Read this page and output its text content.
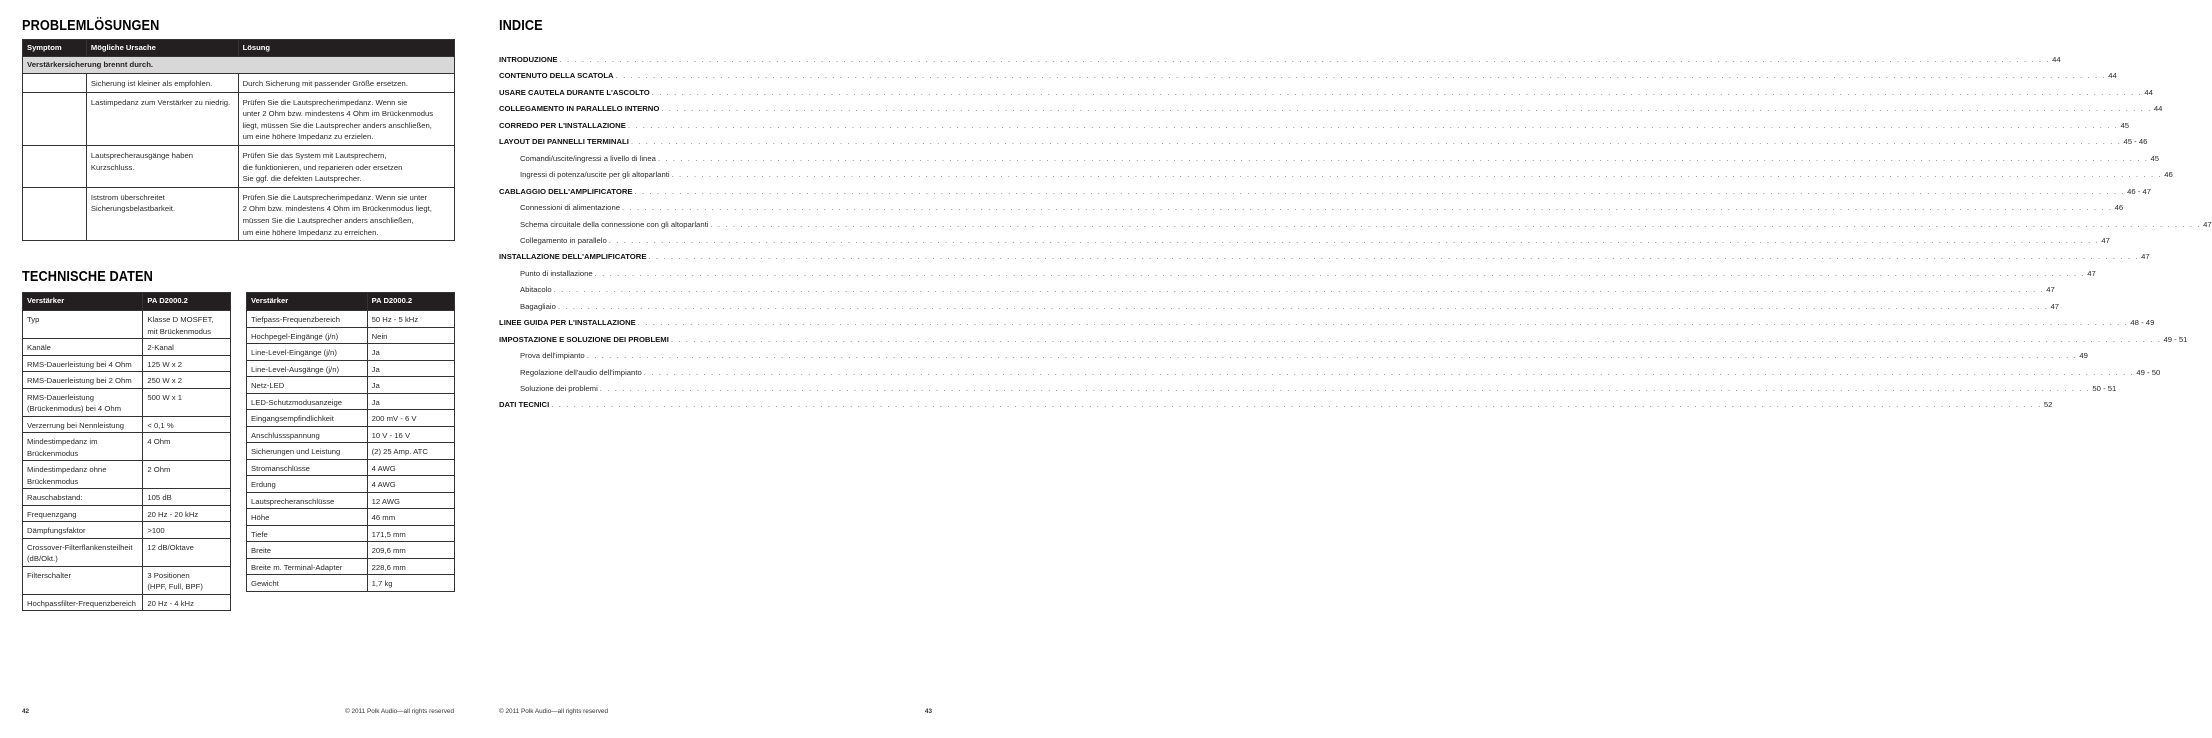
PROBLEMLÖSUNGEN
Symptom	Mögliche Ursache	Lösung
Verstärkersicherung brennt durch.		
	Sicherung ist kleiner als empfohlen.	Durch Sicherung mit passender Größe ersetzen.
	Lastimpedanz zum Verstärker zu niedrig.	Prüfen Sie die Lautsprecherimpedanz. Wenn sie
unter 2 Ohm bzw. mindestens 4 Ohm im Brückenmodus
liegt, müssen Sie die Lautsprecher anders anschließen,
um eine höhere Impedanz zu erzielen.
	Lautsprecherausgänge haben
Kurzschluss.	Prüfen Sie das System mit Lautsprechern,
die funktionieren, und reparieren oder ersetzen
Sie ggf. die defekten Lautsprecher.
	Iststrom überschreitet
Sicherungsbelastbarkeit.	Prüfen Sie die Lautsprecherimpedanz. Wenn sie unter
2 Ohm bzw. mindestens 4 Ohm im Brückenmodus liegt,
müssen Sie die Lautsprecher anders anschließen,
um eine höhere Impedanz zu erreichen.
TECHNISCHE DATEN
Verstärker	PA D2000.2
Typ	Klasse D MOSFET,
mit Brückenmodus
Kanäle	2-Kanal
RMS-Dauerleistung bei 4 Ohm	125 W x 2
RMS-Dauerleistung bei 2 Ohm	250 W x 2
RMS-Dauerleistung
(Brückenmodus) bei 4 Ohm	500 W x 1
Verzerrung bei Nennleistung	< 0,1 %
Mindestimpedanz im
Brückenmodus	4 Ohm
Mindestimpedanz ohne
Brückenmodus	2 Ohm
Rauschabstand:	105 dB
Frequenzgang	20 Hz - 20 kHz
Dämpfungsfaktor	>100
Crossover-Filterflankensteilheit
(dB/Okt.)	12 dB/Oktave
Filterschalter	3 Positionen
(HPF, Full, BPF)
Hochpassfilter-Frequenzbereich	20 Hz - 4 kHz
Verstärker	PA D2000.2
Tiefpass-Frequenzbereich	50 Hz - 5 kHz
Hochpegel-Eingänge (j/n)	Nein
Line-Level-Eingänge (j/n)	Ja
Line-Level-Ausgänge (j/n)	Ja
Netz-LED	Ja
LED-Schutzmodusanzeige	Ja
Eingangsempfindlichkeit	200 mV - 6 V
Anschlussspannung	10 V - 16 V
Sicherungen und Leistung	(2) 25 Amp. ATC
Stromanschlüsse	4 AWG
Erdung	4 AWG
Lautsprecheranschlüsse	12 AWG
Höhe	46 mm
Tiefe	171,5 mm
Breite	209,6 mm
Breite m. Terminal-Adapter	228,6 mm
Gewicht	1,7 kg
INDICE
INTRODUZIONE . . . . . . . . . . . . . . . . . . . . . . . . . . . . . . . . . . . . . . . . . . . . . . . . . . . . . . . . . . . . . . . . . . . . . . . . . . . . . . . . . . . . . . . . . . . . . . . . . . . . . . . . . . . . . . . . . . . . . . . . . . . . . . . . . . . . . . . . . . . . . . . . . . . . . . . . . . . . . . . . . . . . . . . . . . . . . . . . . . . . . . . . . . . . . . . . . . . . . . . . 44
CONTENUTO DELLA SCATOLA . . . . . . . . . . . . . . . . . . . . . . . . . . . . . . . . . . . . . . . . . . . . . . . . . . . . . . . . . . . . . . . . . . . . . . . . . . . . . . . . . . . . . . . . . . . . . . . . . . . . . . . . . . . . . . . . . . . . . . . . . . . . . . . . . . . . . . . . . . . . . . . . . . . . . . . . . . . . . . . . . . . . . . . . . . . . . . . . . . . . . . . . . . . . . . . . . . . . . . . . 44
USARE CAUTELA DURANTE L'ASCOLTO . . . . . . . . . . . . . . . . . . . . . . . . . . . . . . . . . . . . . . . . . . . . . . . . . . . . . . . . . . . . . . . . . . . . . . . . . . . . . . . . . . . . . . . . . . . . . . . . . . . . . . . . . . . . . . . . . . . . . . . . . . . . . . . . . . . . . . . . . . . . . . . . . . . . . . . . . . . . . . . . . . . . . . . . . . . . . . . . . . . . . . . . . . . . . . . . . . . . . . . . 44
COLLEGAMENTO IN PARALLELO INTERNO . . . . . . . . . . . . . . . . . . . . . . . . . . . . . . . . . . . . . . . . . . . . . . . . . . . . . . . . . . . . . . . . . . . . . . . . . . . . . . . . . . . . . . . . . . . . . . . . . . . . . . . . . . . . . . . . . . . . . . . . . . . . . . . . . . . . . . . . . . . . . . . . . . . . . . . . . . . . . . . . . . . . . . . . . . . . . . . . . . . . . . . . . . . . . . . . . . . . . . . . 44
CORREDO PER L'INSTALLAZIONE . . . . . . . . . . . . . . . . . . . . . . . . . . . . . . . . . . . . . . . . . . . . . . . . . . . . . . . . . . . . . . . . . . . . . . . . . . . . . . . . . . . . . . . . . . . . . . . . . . . . . . . . . . . . . . . . . . . . . . . . . . . . . . . . . . . . . . . . . . . . . . . . . . . . . . . . . . . . . . . . . . . . . . . . . . . . . . . . . . . . . . . . . . . . . . . . . . . . . . . . 45
LAYOUT DEI PANNELLI TERMINALI . . . . . . . . . . . . . . . . . . . . . . . . . . . . . . . . . . . . . . . . . . . . . . . . . . . . . . . . . . . . . . . . . . . . . . . . . . . . . . . . . . . . . . . . . . . . . . . . . . . . . . . . . . . . . . . . . . . . . . . . . . . . . . . . . . . . . . . . . . . . . . . . . . . . . . . . . . . . . . . . . . . . . . . . . . . . . . . . . . . . . . . . . . . . . . . . . . . . . . . . 45 - 46
Comandi/uscite/ingressi a livello di linea . . . . . . . . . . . . . . . . . . . . . . . . . . . . . . . . . . . . . . . . . . . . . . . . . . . . . . . . . . . . . . . . . . . . . . . . . . . . . . . . . . . . . . . . . . . . . . . . . . . . . . . . . . . . . . . . . . . . . . . . . . . . . . . . . . . . . . . . . . . . . . . . . . . . . . . . . . . . . . . . . . . . . . . . . . . . . . . . . . . . . . . . . . . . . . . . . . . . . . . . 45
Ingressi di potenza/uscite per gli altoparlanti . . . . . . . . . . . . . . . . . . . . . . . . . . . . . . . . . . . . . . . . . . . . . . . . . . . . . . . . . . . . . . . . . . . . . . . . . . . . . . . . . . . . . . . . . . . . . . . . . . . . . . . . . . . . . . . . . . . . . . . . . . . . . . . . . . . . . . . . . . . . . . . . . . . . . . . . . . . . . . . . . . . . . . . . . . . . . . . . . . . . . . . . . . . . . . . . . . . . . . . . 46
CABLAGGIO DELL'AMPLIFICATORE . . . . . . . . . . . . . . . . . . . . . . . . . . . . . . . . . . . . . . . . . . . . . . . . . . . . . . . . . . . . . . . . . . . . . . . . . . . . . . . . . . . . . . . . . . . . . . . . . . . . . . . . . . . . . . . . . . . . . . . . . . . . . . . . . . . . . . . . . . . . . . . . . . . . . . . . . . . . . . . . . . . . . . . . . . . . . . . . . . . . . . . . . . . . . . . . . . . . . . . . 46 - 47
Connessioni di alimentazione . . . . . . . . . . . . . . . . . . . . . . . . . . . . . . . . . . . . . . . . . . . . . . . . . . . . . . . . . . . . . . . . . . . . . . . . . . . . . . . . . . . . . . . . . . . . . . . . . . . . . . . . . . . . . . . . . . . . . . . . . . . . . . . . . . . . . . . . . . . . . . . . . . . . . . . . . . . . . . . . . . . . . . . . . . . . . . . . . . . . . . . . . . . . . . . . . . . . . . . . 46
Schema circuitale della connessione con gli altoparlanti . . . . . . . . . . . . . . . . . . . . . . . . . . . . . . . . . . . . . . . . . . . . . . . . . . . . . . . . . . . . . . . . . . . . . . . . . . . . . . . . . . . . . . . . . . . . . . . . . . . . . . . . . . . . . . . . . . . . . . . . . . . . . . . . . . . . . . . . . . . . . . . . . . . . . . . . . . . . . . . . . . . . . . . . . . . . . . . . . . . . . . . . . . . . . . . . . . . . . . . . 47
Collegamento in parallelo . . . . . . . . . . . . . . . . . . . . . . . . . . . . . . . . . . . . . . . . . . . . . . . . . . . . . . . . . . . . . . . . . . . . . . . . . . . . . . . . . . . . . . . . . . . . . . . . . . . . . . . . . . . . . . . . . . . . . . . . . . . . . . . . . . . . . . . . . . . . . . . . . . . . . . . . . . . . . . . . . . . . . . . . . . . . . . . . . . . . . . . . . . . . . . . . . . . . . . . . 47
INSTALLAZIONE DELL'AMPLIFICATORE . . . . . . . . . . . . . . . . . . . . . . . . . . . . . . . . . . . . . . . . . . . . . . . . . . . . . . . . . . . . . . . . . . . . . . . . . . . . . . . . . . . . . . . . . . . . . . . . . . . . . . . . . . . . . . . . . . . . . . . . . . . . . . . . . . . . . . . . . . . . . . . . . . . . . . . . . . . . . . . . . . . . . . . . . . . . . . . . . . . . . . . . . . . . . . . . . . . . . . . . 47
Punto di installazione . . . . . . . . . . . . . . . . . . . . . . . . . . . . . . . . . . . . . . . . . . . . . . . . . . . . . . . . . . . . . . . . . . . . . . . . . . . . . . . . . . . . . . . . . . . . . . . . . . . . . . . . . . . . . . . . . . . . . . . . . . . . . . . . . . . . . . . . . . . . . . . . . . . . . . . . . . . . . . . . . . . . . . . . . . . . . . . . . . . . . . . . . . . . . . . . . . . . . . . . 47
Abitacolo . . . . . . . . . . . . . . . . . . . . . . . . . . . . . . . . . . . . . . . . . . . . . . . . . . . . . . . . . . . . . . . . . . . . . . . . . . . . . . . . . . . . . . . . . . . . . . . . . . . . . . . . . . . . . . . . . . . . . . . . . . . . . . . . . . . . . . . . . . . . . . . . . . . . . . . . . . . . . . . . . . . . . . . . . . . . . . . . . . . . . . . . . . . . . . . . . . . . . . . . 47
Bagagliaio . . . . . . . . . . . . . . . . . . . . . . . . . . . . . . . . . . . . . . . . . . . . . . . . . . . . . . . . . . . . . . . . . . . . . . . . . . . . . . . . . . . . . . . . . . . . . . . . . . . . . . . . . . . . . . . . . . . . . . . . . . . . . . . . . . . . . . . . . . . . . . . . . . . . . . . . . . . . . . . . . . . . . . . . . . . . . . . . . . . . . . . . . . . . . . . . . . . . . . . . 47
LINEE GUIDA PER L'INSTALLAZIONE . . . . . . . . . . . . . . . . . . . . . . . . . . . . . . . . . . . . . . . . . . . . . . . . . . . . . . . . . . . . . . . . . . . . . . . . . . . . . . . . . . . . . . . . . . . . . . . . . . . . . . . . . . . . . . . . . . . . . . . . . . . . . . . . . . . . . . . . . . . . . . . . . . . . . . . . . . . . . . . . . . . . . . . . . . . . . . . . . . . . . . . . . . . . . . . . . . . . . . . . 48 - 49
IMPOSTAZIONE E SOLUZIONE DEI PROBLEMI . . . . . . . . . . . . . . . . . . . . . . . . . . . . . . . . . . . . . . . . . . . . . . . . . . . . . . . . . . . . . . . . . . . . . . . . . . . . . . . . . . . . . . . . . . . . . . . . . . . . . . . . . . . . . . . . . . . . . . . . . . . . . . . . . . . . . . . . . . . . . . . . . . . . . . . . . . . . . . . . . . . . . . . . . . . . . . . . . . . . . . . . . . . . . . . . . . . . . . . . 49 - 51
Prova dell'impianto . . . . . . . . . . . . . . . . . . . . . . . . . . . . . . . . . . . . . . . . . . . . . . . . . . . . . . . . . . . . . . . . . . . . . . . . . . . . . . . . . . . . . . . . . . . . . . . . . . . . . . . . . . . . . . . . . . . . . . . . . . . . . . . . . . . . . . . . . . . . . . . . . . . . . . . . . . . . . . . . . . . . . . . . . . . . . . . . . . . . . . . . . . . . . . . . . . . . . . . . 49
Regolazione dell'audio dell'impianto . . . . . . . . . . . . . . . . . . . . . . . . . . . . . . . . . . . . . . . . . . . . . . . . . . . . . . . . . . . . . . . . . . . . . . . . . . . . . . . . . . . . . . . . . . . . . . . . . . . . . . . . . . . . . . . . . . . . . . . . . . . . . . . . . . . . . . . . . . . . . . . . . . . . . . . . . . . . . . . . . . . . . . . . . . . . . . . . . . . . . . . . . . . . . . . . . . . . . . . . 49 - 50
Soluzione dei problemi . . . . . . . . . . . . . . . . . . . . . . . . . . . . . . . . . . . . . . . . . . . . . . . . . . . . . . . . . . . . . . . . . . . . . . . . . . . . . . . . . . . . . . . . . . . . . . . . . . . . . . . . . . . . . . . . . . . . . . . . . . . . . . . . . . . . . . . . . . . . . . . . . . . . . . . . . . . . . . . . . . . . . . . . . . . . . . . . . . . . . . . . . . . . . . . . . . . . . . . . 50 - 51
DATI TECNICI . . . . . . . . . . . . . . . . . . . . . . . . . . . . . . . . . . . . . . . . . . . . . . . . . . . . . . . . . . . . . . . . . . . . . . . . . . . . . . . . . . . . . . . . . . . . . . . . . . . . . . . . . . . . . . . . . . . . . . . . . . . . . . . . . . . . . . . . . . . . . . . . . . . . . . . . . . . . . . . . . . . . . . . . . . . . . . . . . . . . . . . . . . . . . . . . . . . . . . . . 52
42	© 2011 Polk Audio—all rights reserved	© 2011 Polk Audio—all rights reserved	43
